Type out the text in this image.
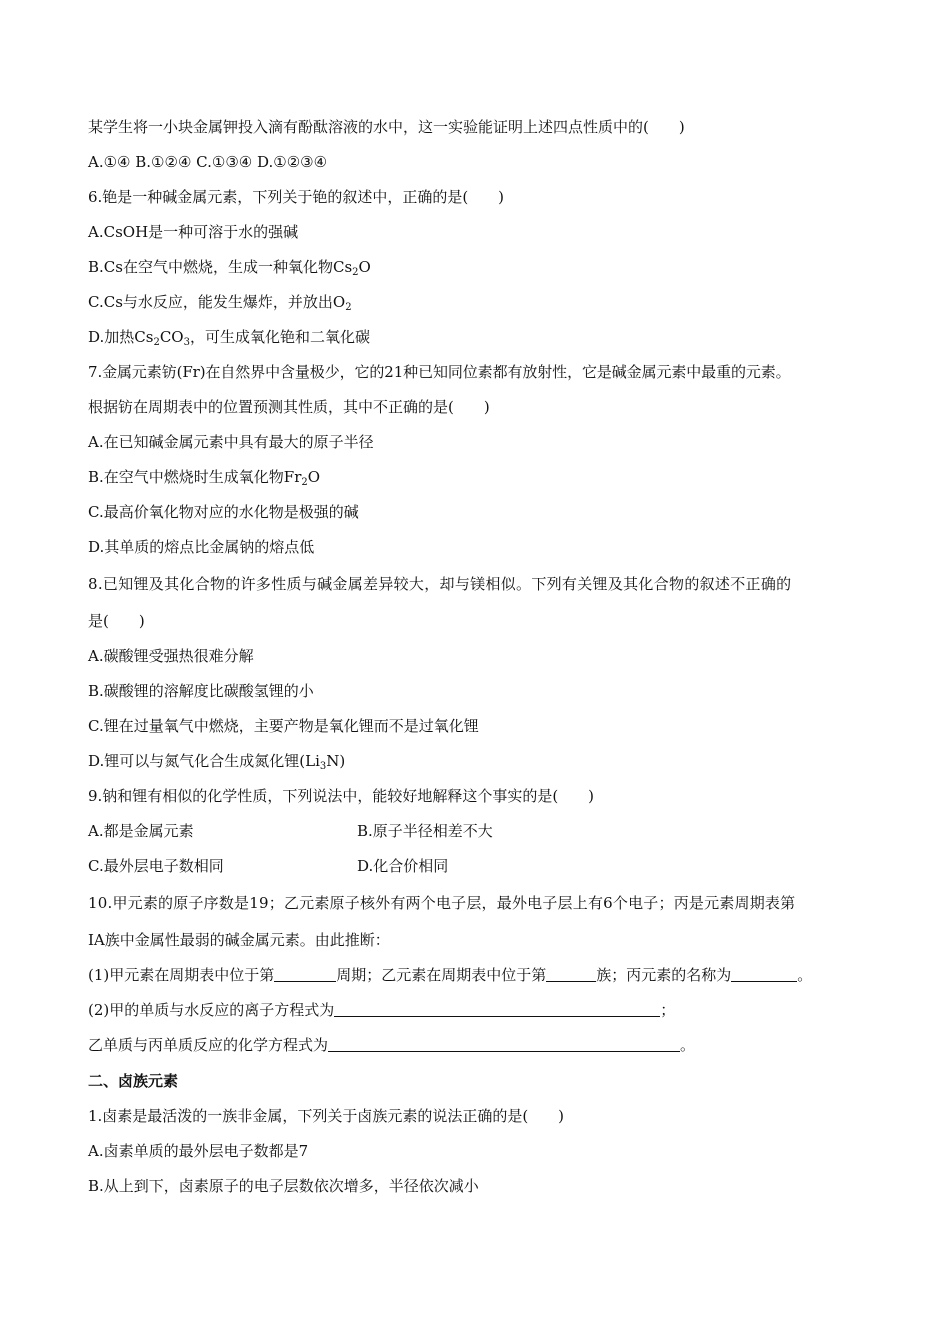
某学生将一小块金属钾投入滴有酚酞溶液的水中，这一实验能证明上述四点性质中的(　　)
A.①④ B.①②④ C.①③④ D.①②③④
6.铯是一种碱金属元素，下列关于铯的叙述中，正确的是(　　)
A.CsOH是一种可溶于水的强碱
B.Cs在空气中燃烧，生成一种氧化物$Cs_2O$
C.Cs与水反应，能发生爆炸，并放出$O_2$
D.加热$Cs_2CO_3$，可生成氧化铯和二氧化碳
7.金属元素钫(Fr)在自然界中含量极少，它的21种已知同位素都有放射性，它是碱金属元素中最重的元素。
根据钫在周期表中的位置预测其性质，其中不正确的是(　　)
A.在已知碱金属元素中具有最大的原子半径
B.在空气中燃烧时生成氧化物$Fr_2O$
C.最高价氧化物对应的水化物是极强的碱
D.其单质的熔点比金属钠的熔点低
8.已知锂及其化合物的许多性质与碱金属差异较大，却与镁相似。下列有关锂及其化合物的叙述不正确的
是(　　)
A.碳酸锂受强热很难分解
B.碳酸锂的溶解度比碳酸氢锂的小
C.锂在过量氧气中燃烧，主要产物是氧化锂而不是过氧化锂
D.锂可以与氮气化合生成氮化锂$(Li_3N)$
9.钠和锂有相似的化学性质，下列说法中，能较好地解释这个事实的是(　　)
A.都是金属元素	B.原子半径相差不大
C.最外层电子数相同	D.化合价相同
10.甲元素的原子序数是19；乙元素原子核外有两个电子层，最外电子层上有6个电子；丙是元素周期表第
ⅠA族中金属性最弱的碱金属元素。由此推断：
(1)甲元素在周期表中位于第	周期；乙元素在周期表中位于第	族；丙元素的名称为	。
(2)甲的单质与水反应的离子方程式为	；
乙单质与丙单质反应的化学方程式为	。
二、卤族元素
1.卤素是最活泼的一族非金属，下列关于卤族元素的说法正确的是(　　)
A.卤素单质的最外层电子数都是7
B.从上到下，卤素原子的电子层数依次增多，半径依次减小
